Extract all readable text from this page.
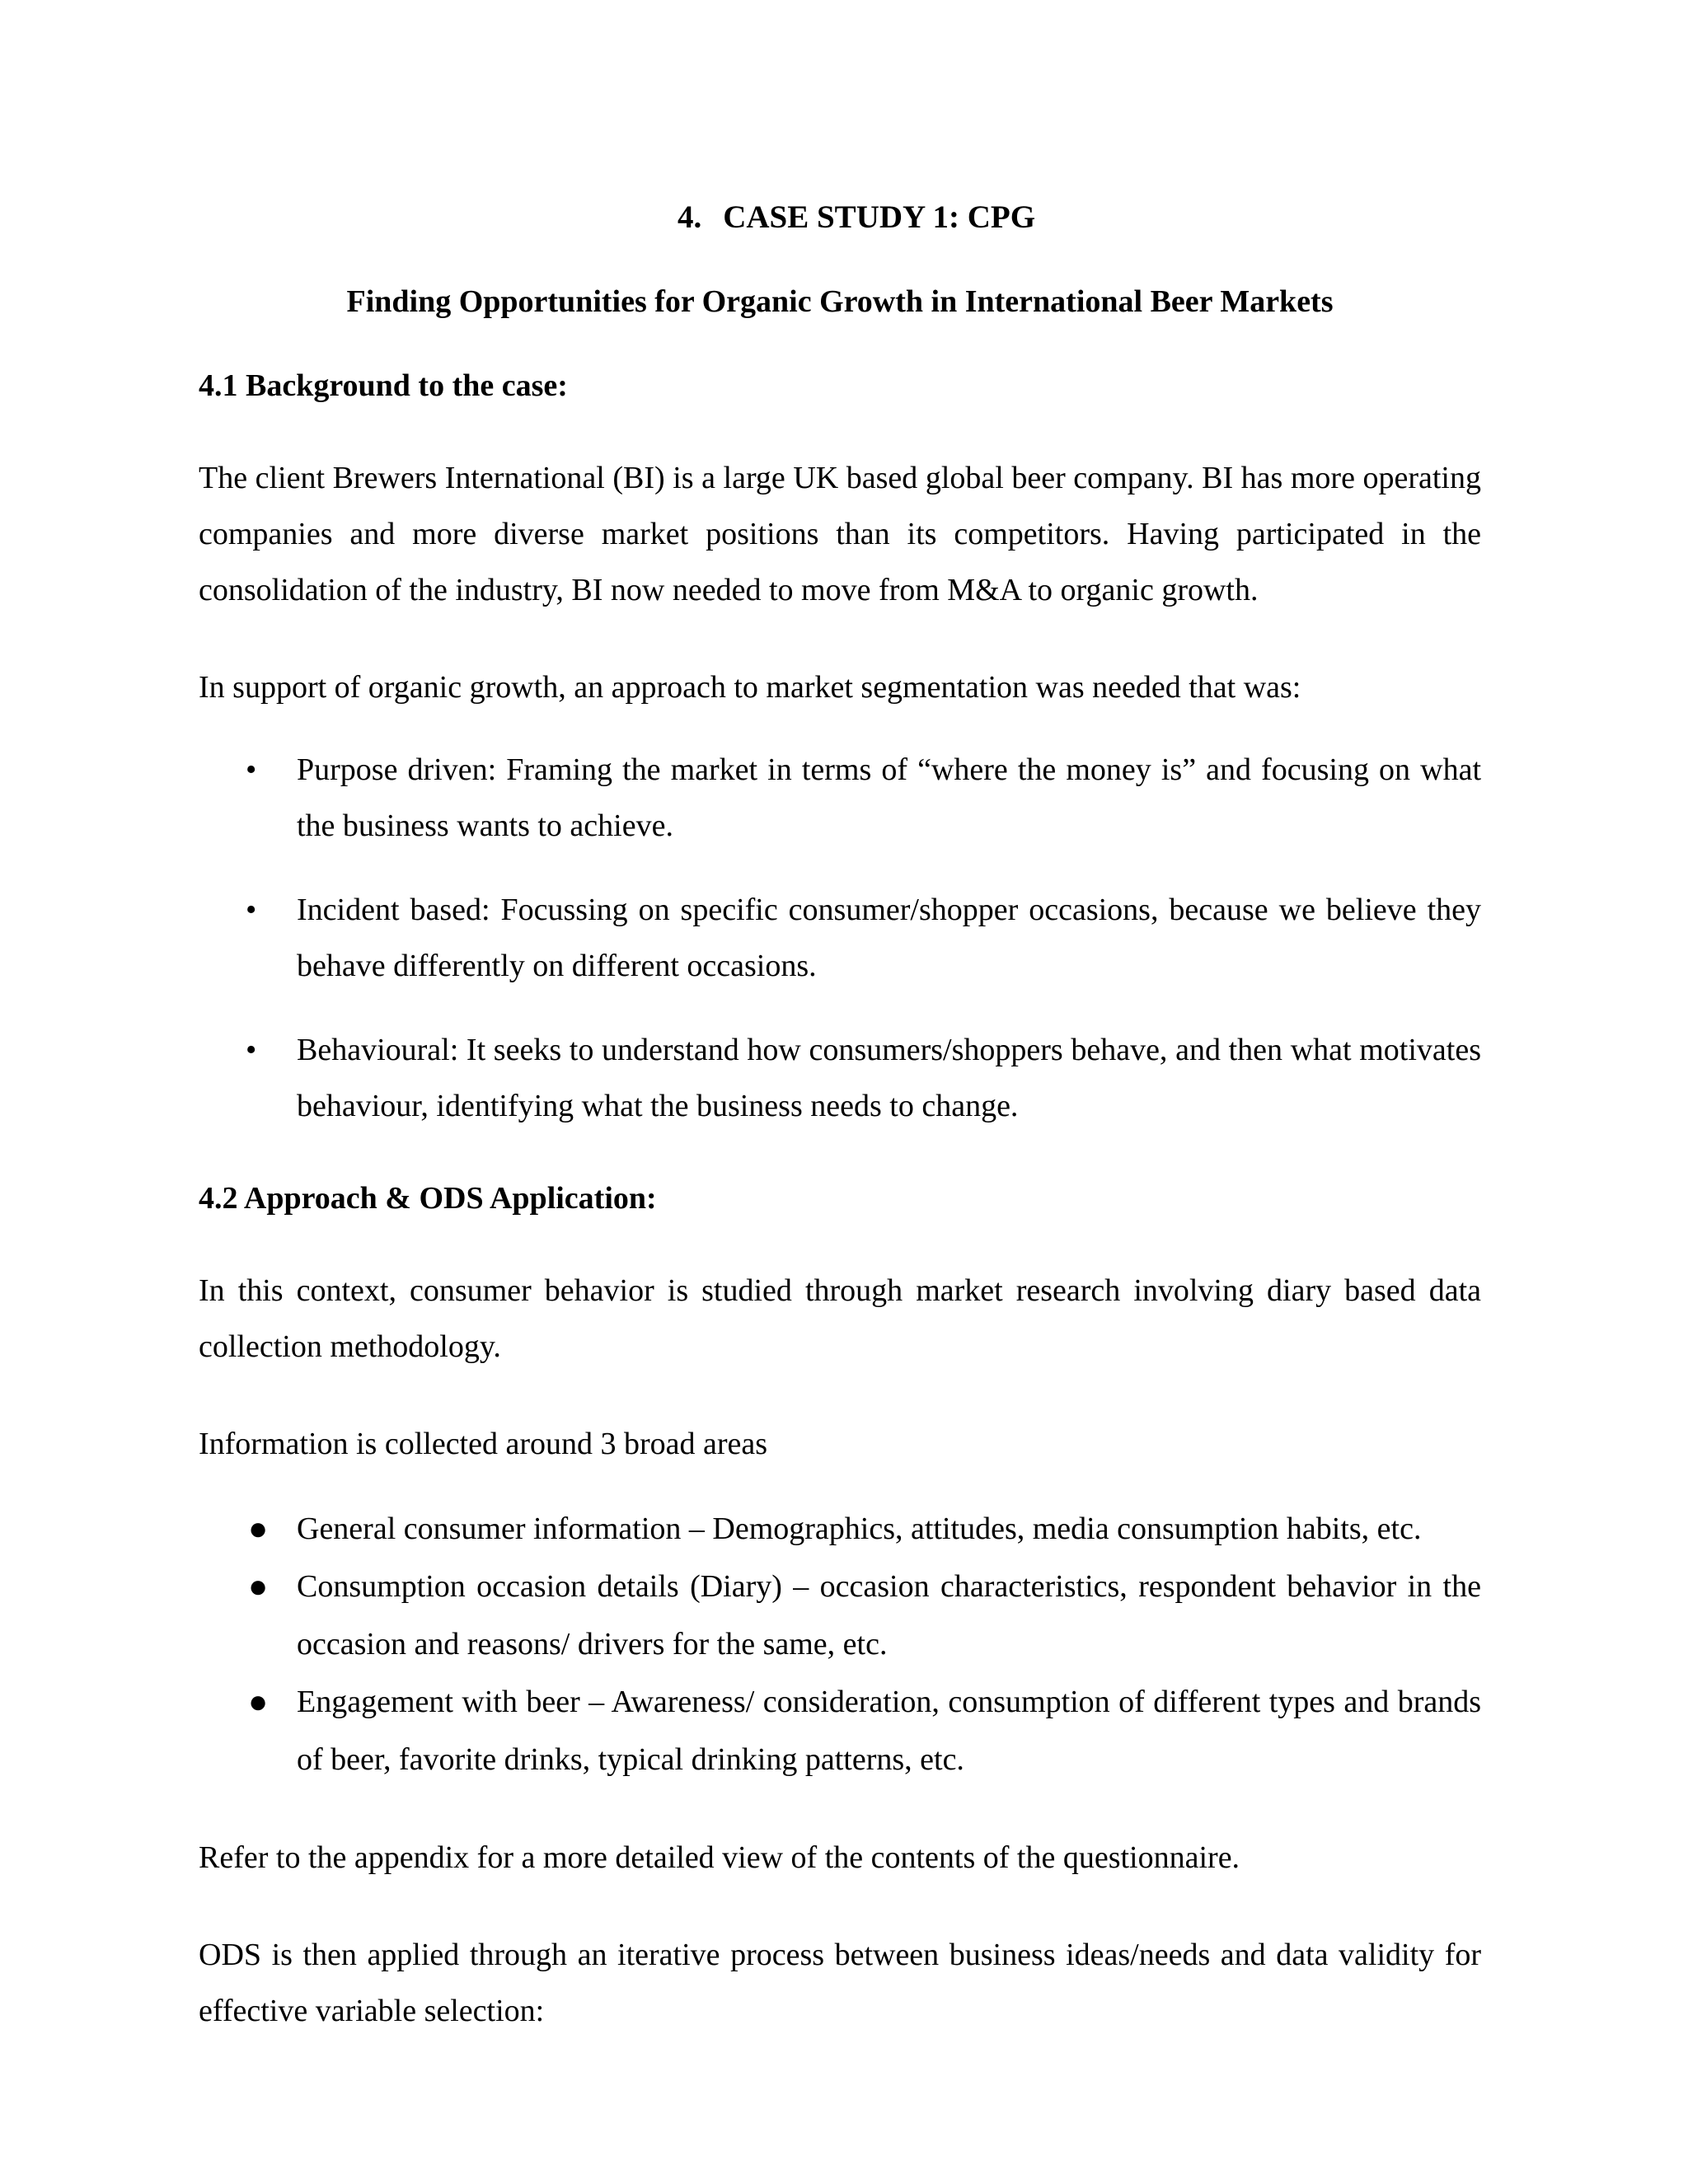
4. CASE STUDY 1: CPG
Finding Opportunities for Organic Growth in International Beer Markets
4.1 Background to the case:

The client Brewers International (BI) is a large UK based global beer company. BI has more operating companies and more diverse market positions than its competitors. Having participated in the consolidation of the industry, BI now needed to move from M&A to organic growth.

In support of organic growth, an approach to market segmentation was needed that was:

• Purpose driven: Framing the market in terms of “where the money is” and focusing on what the business wants to achieve.
• Incident based: Focussing on specific consumer/shopper occasions, because we believe they behave differently on different occasions.
• Behavioural: It seeks to understand how consumers/shoppers behave, and then what motivates behaviour, identifying what the business needs to change.
4.2 Approach & ODS Application:

In this context, consumer behavior is studied through market research involving diary based data collection methodology.

Information is collected around 3 broad areas

● General consumer information – Demographics, attitudes, media consumption habits, etc.
● Consumption occasion details (Diary) – occasion characteristics, respondent behavior in the occasion and reasons/ drivers for the same, etc.
● Engagement with beer – Awareness/ consideration, consumption of different types and brands of beer, favorite drinks, typical drinking patterns, etc.

Refer to the appendix for a more detailed view of the contents of the questionnaire.

ODS is then applied through an iterative process between business ideas/needs and data validity for effective variable selection:
